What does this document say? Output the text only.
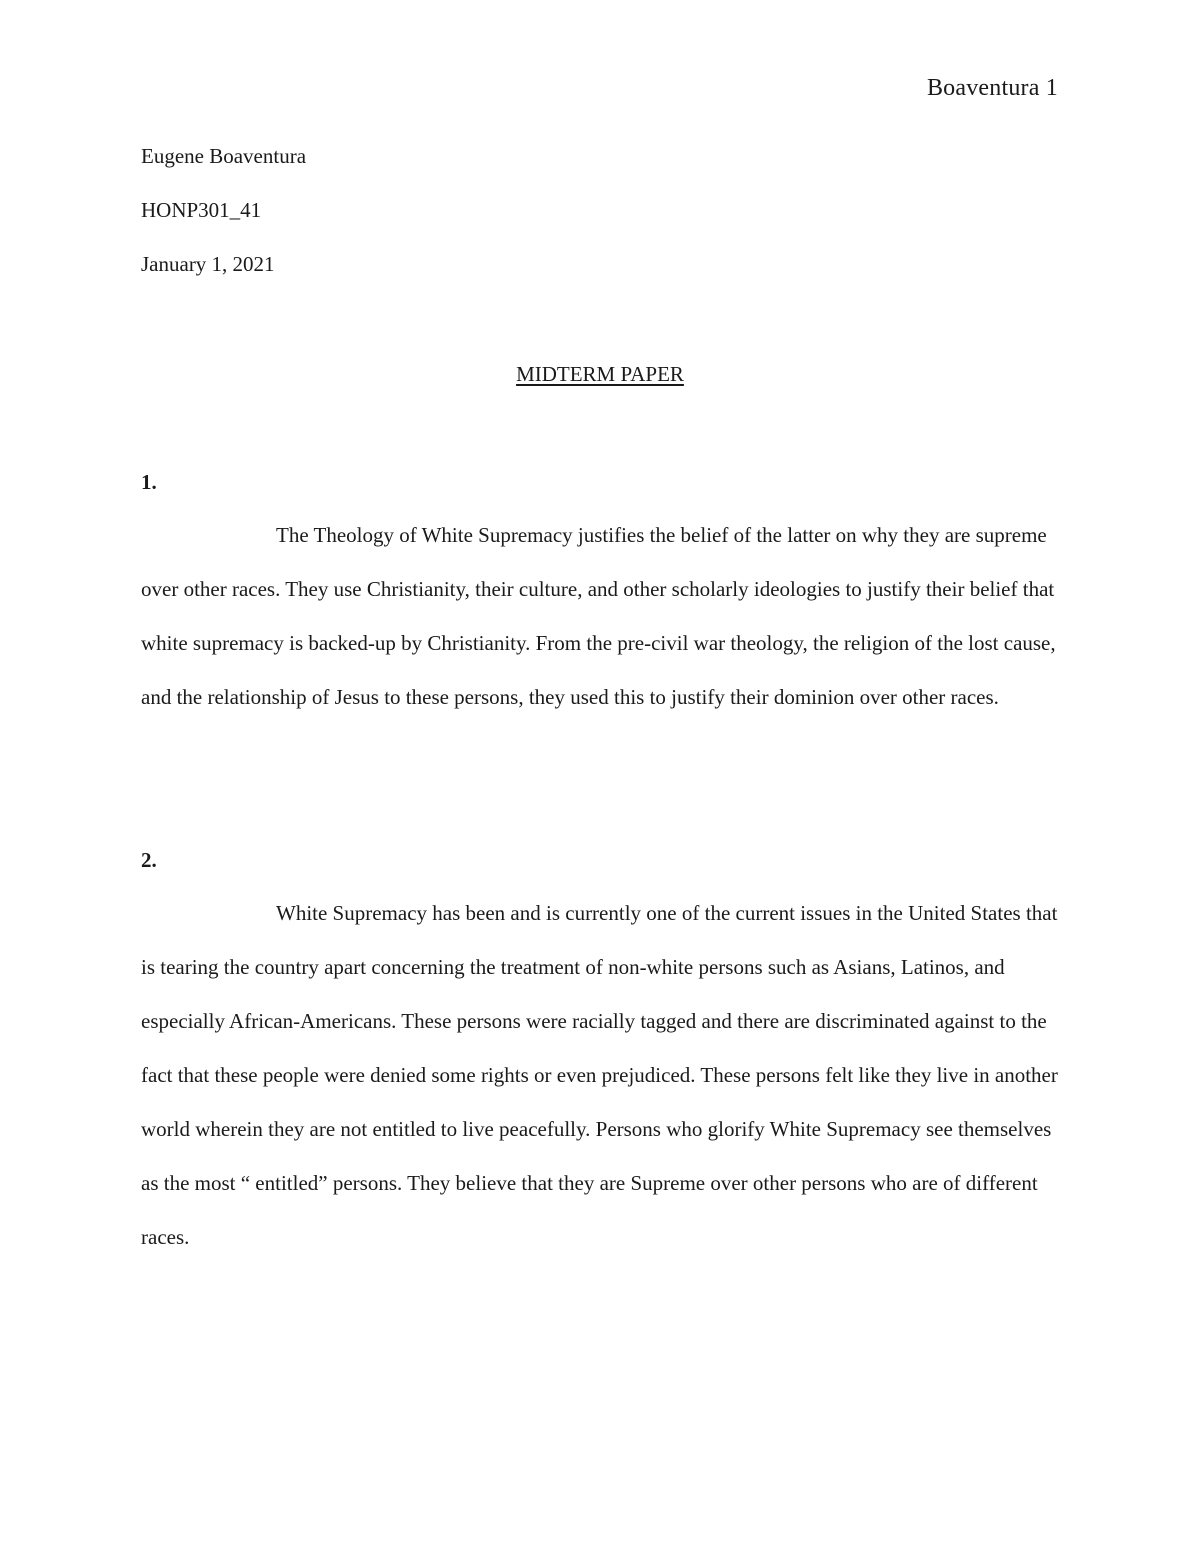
Boaventura 1
Eugene Boaventura
HONP301_41
January 1, 2021
MIDTERM PAPER
1.

The Theology of White Supremacy justifies the belief of the latter on why they are supreme over other races. They use Christianity, their culture, and other scholarly ideologies to justify their belief that white supremacy is backed-up by Christianity. From the pre-civil war theology, the religion of the lost cause, and the relationship of Jesus to these persons, they used this to justify their dominion over other races.

2.

White Supremacy has been and is currently one of the current issues in the United States that is tearing the country apart concerning the treatment of non-white persons such as Asians, Latinos, and especially African-Americans. These persons were racially tagged and there are discriminated against to the fact that these people were denied some rights or even prejudiced. These persons felt like they live in another world wherein they are not entitled to live peacefully. Persons who glorify White Supremacy see themselves as the most “ entitled” persons. They believe that they are Supreme over other persons who are of different races.
